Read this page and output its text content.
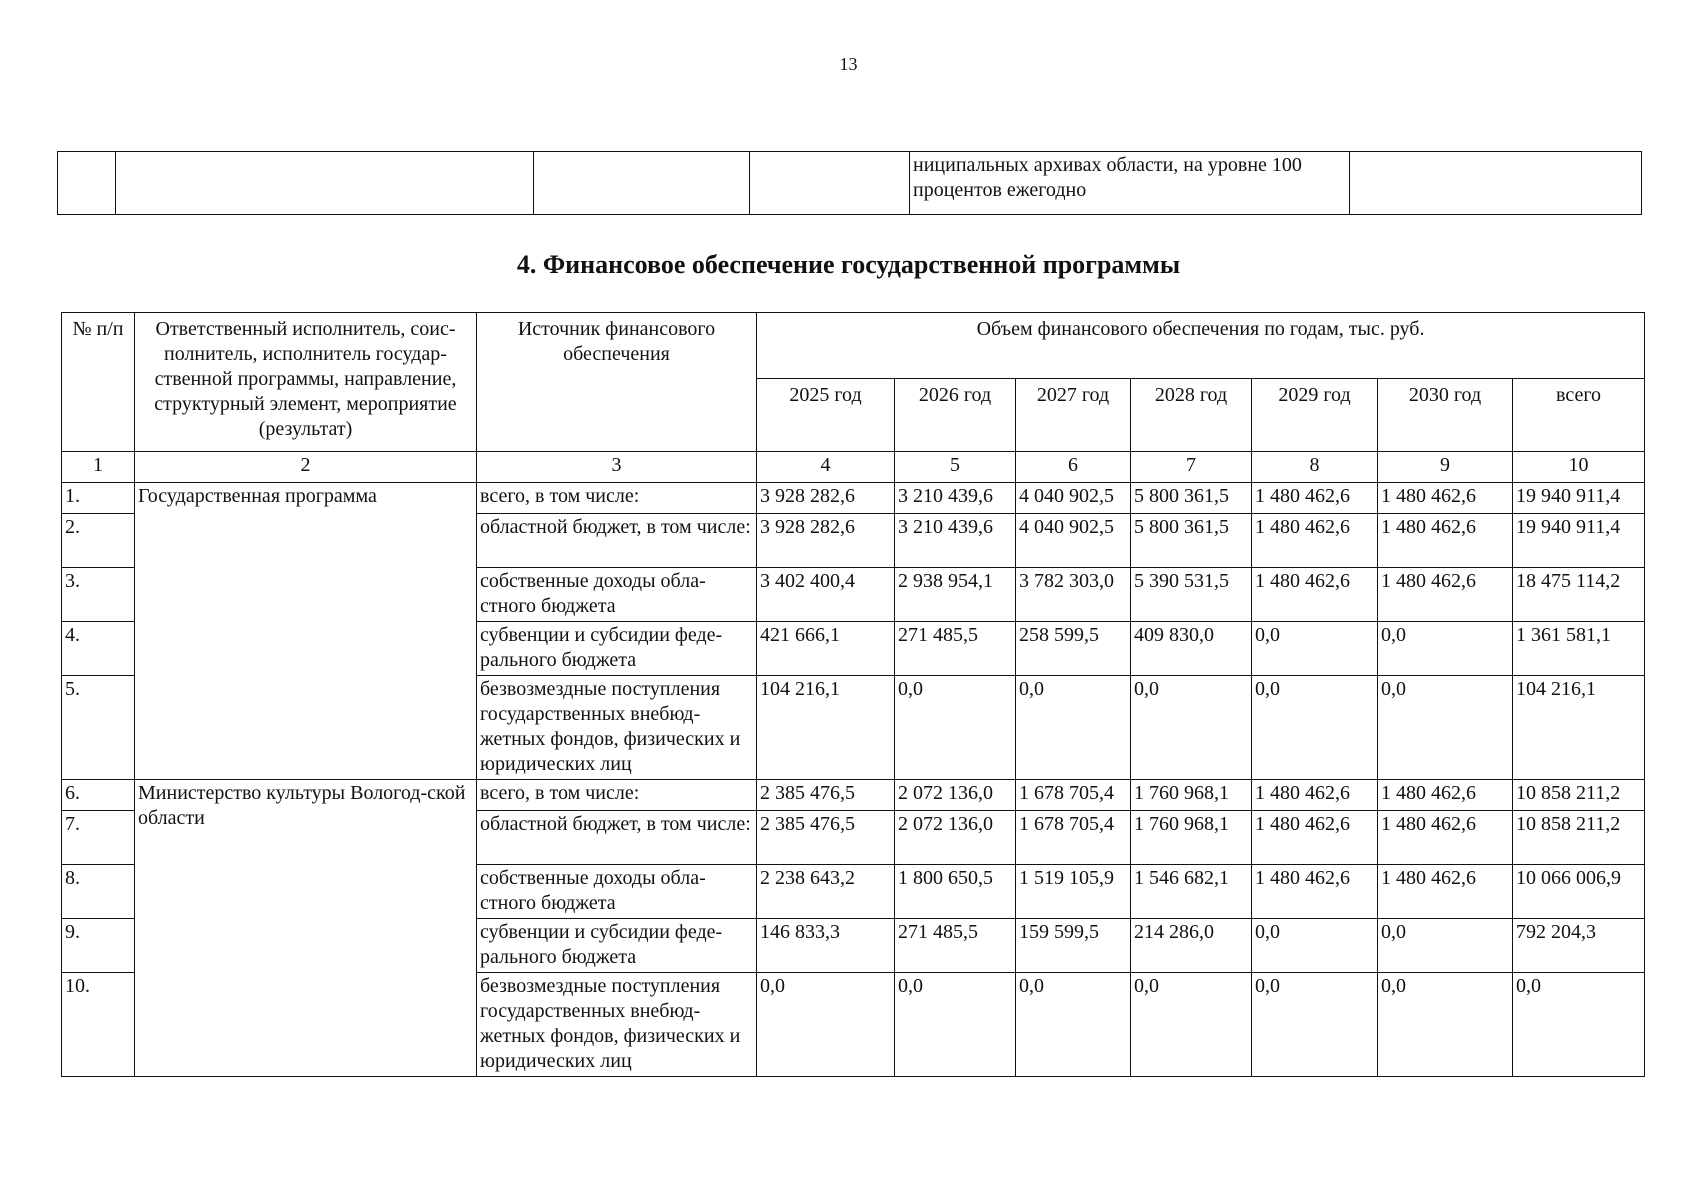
13
				ниципальных архивах области, на уровне 100 процентов ежегодно	
4. Финансовое обеспечение государственной программы
№ п/п	Ответственный исполнитель, соис-полнитель, исполнитель государ-ственной программы, направление, структурный элемент, мероприятие (результат)	Источник финансового обеспечения	Объем финансового обеспечения по годам, тыс. руб.						
			2025 год	2026 год	2027 год	2028 год	2029 год	2030 год	всего
1	2	3	4	5	6	7	8	9	10
1.	Государственная программа	всего, в том числе:	3 928 282,6	3 210 439,6	4 040 902,5	5 800 361,5	1 480 462,6	1 480 462,6	19 940 911,4
2.		областной бюджет, в том числе:	3 928 282,6	3 210 439,6	4 040 902,5	5 800 361,5	1 480 462,6	1 480 462,6	19 940 911,4
3.		собственные доходы обла-стного бюджета	3 402 400,4	2 938 954,1	3 782 303,0	5 390 531,5	1 480 462,6	1 480 462,6	18 475 114,2
4.		субвенции и субсидии феде-рального бюджета	421 666,1	271 485,5	258 599,5	409 830,0	0,0	0,0	1 361 581,1
5.		безвозмездные поступления государственных внебюд-жетных фондов, физических и юридических лиц	104 216,1	0,0	0,0	0,0	0,0	0,0	104 216,1
6.	Министерство культуры Вологод-ской области	всего, в том числе:	2 385 476,5	2 072 136,0	1 678 705,4	1 760 968,1	1 480 462,6	1 480 462,6	10 858 211,2
7.		областной бюджет, в том числе:	2 385 476,5	2 072 136,0	1 678 705,4	1 760 968,1	1 480 462,6	1 480 462,6	10 858 211,2
8.		собственные доходы обла-стного бюджета	2 238 643,2	1 800 650,5	1 519 105,9	1 546 682,1	1 480 462,6	1 480 462,6	10 066 006,9
9.		субвенции и субсидии феде-рального бюджета	146 833,3	271 485,5	159 599,5	214 286,0	0,0	0,0	792 204,3
10.		безвозмездные поступления государственных внебюд-жетных фондов, физических и юридических лиц	0,0	0,0	0,0	0,0	0,0	0,0	0,0
